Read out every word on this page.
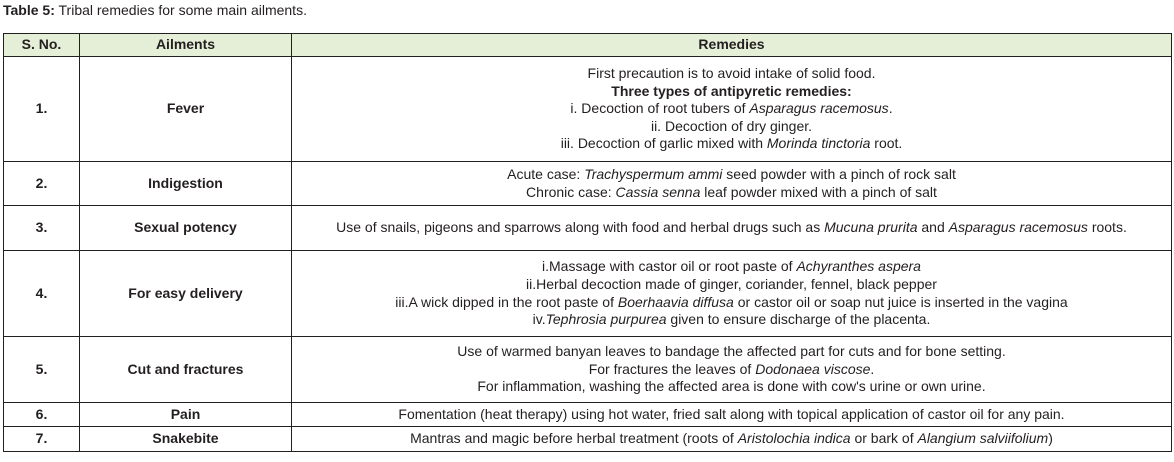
Table 5: Tribal remedies for some main ailments.
S. No.	Ailments	Remedies
1.	Fever	First precaution is to avoid intake of solid food.
Three types of antipyretic remedies:
i. Decoction of root tubers of Asparagus racemosus.
ii. Decoction of dry ginger.
iii. Decoction of garlic mixed with Morinda tinctoria root.

2.	Indigestion	Acute case: Trachyspermum ammi seed powder with a pinch of rock salt
Chronic case: Cassia senna leaf powder mixed with a pinch of salt

3.	Sexual potency	Use of snails, pigeons and sparrows along with food and herbal drugs such as Mucuna prurita and Asparagus racemosus roots.

4.	For easy delivery	i.Massage with castor oil or root paste of Achyranthes aspera
ii.Herbal decoction made of ginger, coriander, fennel, black pepper
iii.A wick dipped in the root paste of Boerhaavia diffusa or castor oil or soap nut juice is inserted in the vagina
iv.Tephrosia purpurea given to ensure discharge of the placenta.

5.	Cut and fractures	Use of warmed banyan leaves to bandage the affected part for cuts and for bone setting.
For fractures the leaves of Dodonaea viscose.
For inflammation, washing the affected area is done with cow's urine or own urine.

6.	Pain	Fomentation (heat therapy) using hot water, fried salt along with topical application of castor oil for any pain.

7.	Snakebite	Mantras and magic before herbal treatment (roots of Aristolochia indica or bark of Alangium salviifolium)
